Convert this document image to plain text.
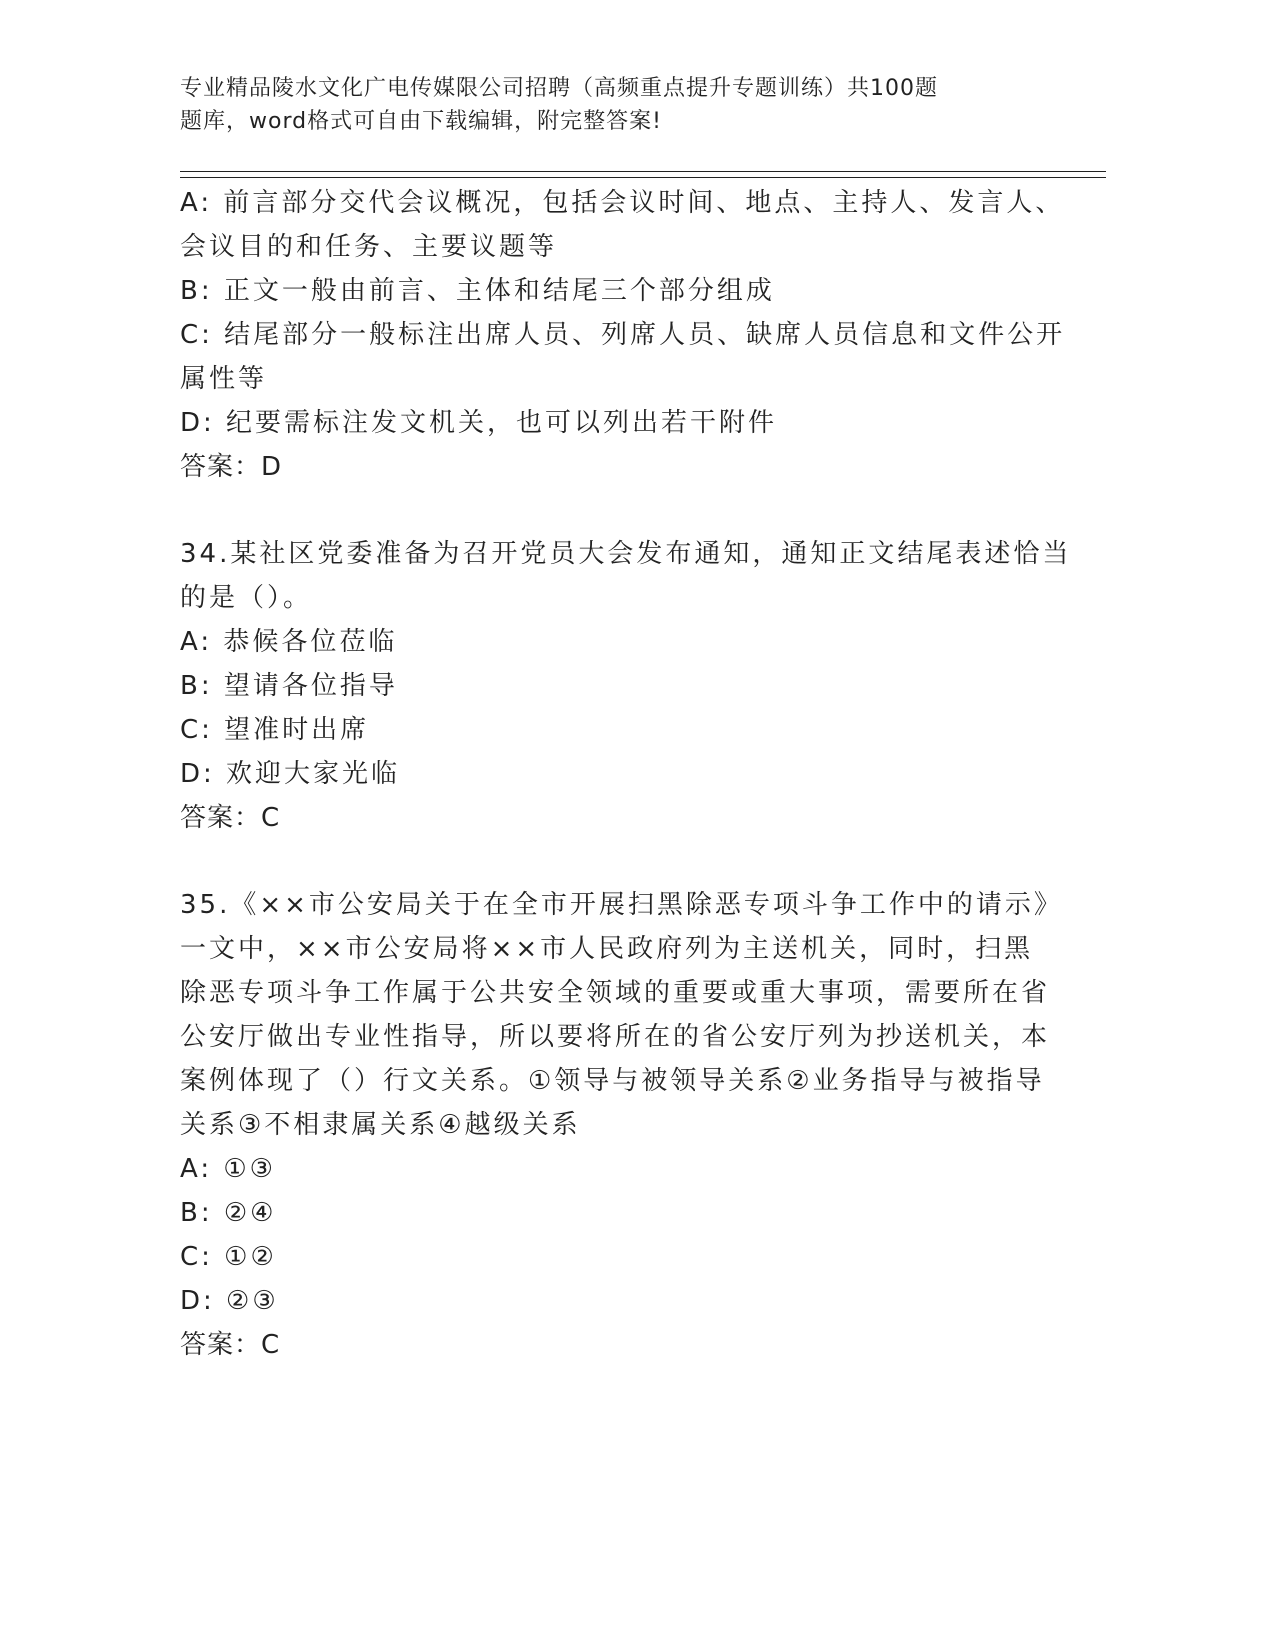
专业精品陵水文化广电传媒限公司招聘（高频重点提升专题训练）共100题
题库，word格式可自由下载编辑，附完整答案!
A: 前言部分交代会议概况，包括会议时间、地点、主持人、发言人、
会议目的和任务、主要议题等
B: 正文一般由前言、主体和结尾三个部分组成
C: 结尾部分一般标注出席人员、列席人员、缺席人员信息和文件公开
属性等
D: 纪要需标注发文机关，也可以列出若干附件
答案：D
34.某社区党委准备为召开党员大会发布通知，通知正文结尾表述恰当
的是（）。
A: 恭候各位莅临
B: 望请各位指导
C: 望准时出席
D: 欢迎大家光临
答案：C
35.《××市公安局关于在全市开展扫黑除恶专项斗争工作中的请示》
一文中，××市公安局将××市人民政府列为主送机关，同时，扫黑
除恶专项斗争工作属于公共安全领域的重要或重大事项，需要所在省
公安厅做出专业性指导，所以要将所在的省公安厅列为抄送机关，本
案例体现了（）行文关系。①领导与被领导关系②业务指导与被指导
关系③不相隶属关系④越级关系
A: ①③
B: ②④
C: ①②
D: ②③
答案：C
